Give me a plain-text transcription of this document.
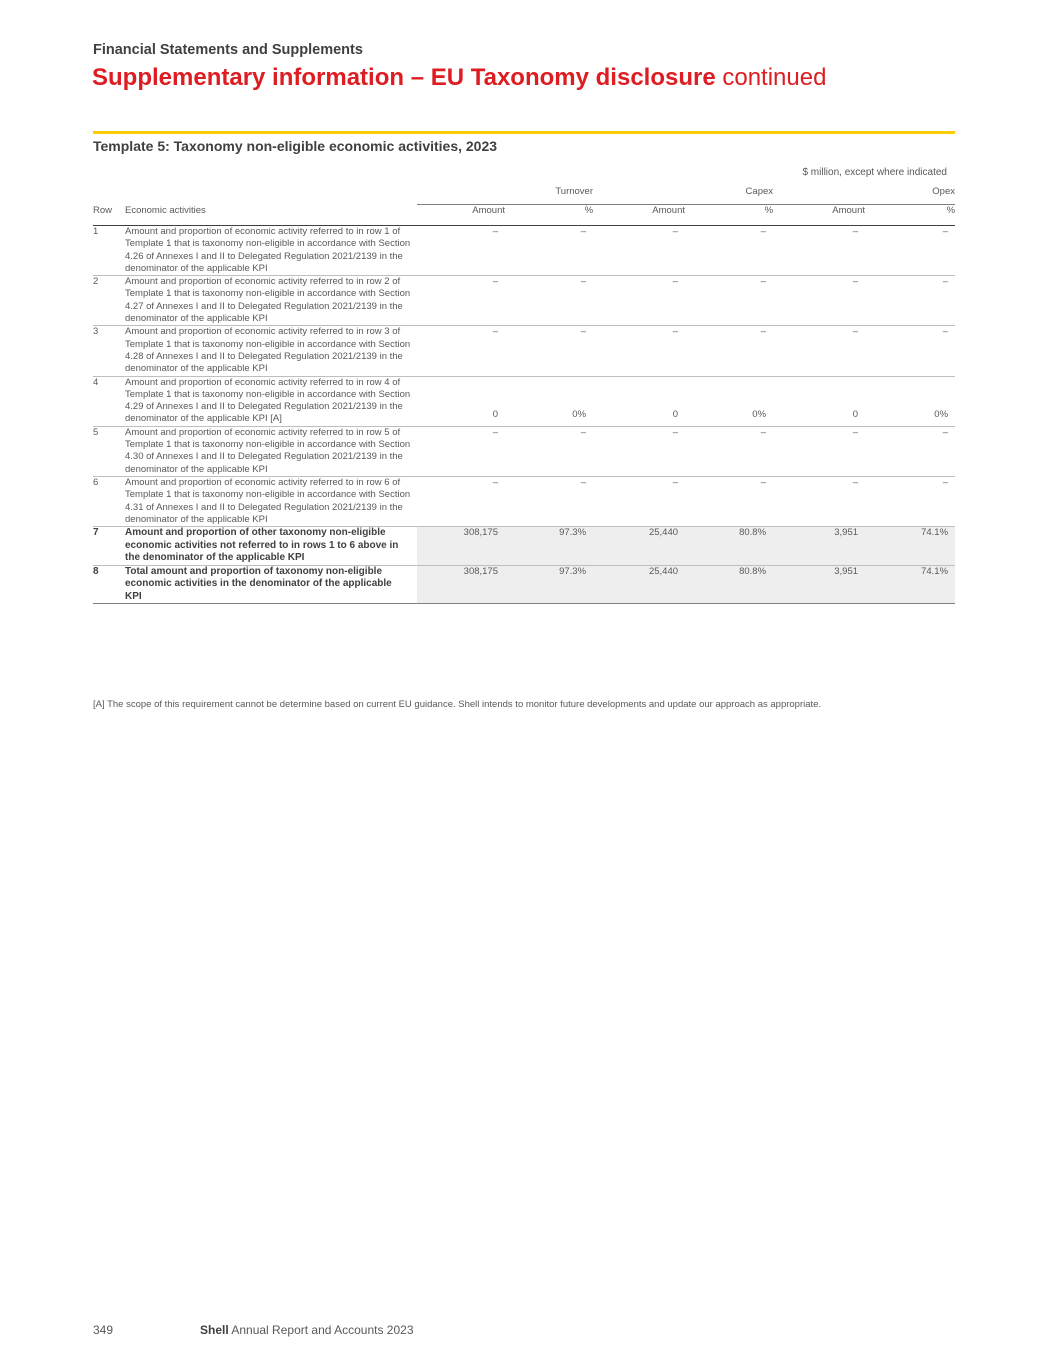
Financial Statements and Supplements
Supplementary information – EU Taxonomy disclosure continued
Template 5: Taxonomy non-eligible economic activities, 2023
$ million, except where indicated
		Turnover		Capex		Opex	
Row	Economic activities	Amount	%	Amount	%	Amount	%
1	Amount and proportion of economic activity referred to in row 1 of Template 1 that is taxonomy non-eligible in accordance with Section 4.26 of Annexes I and II to Delegated Regulation 2021/2139 in the denominator of the applicable KPI	–	–	–	–	–	–
2	Amount and proportion of economic activity referred to in row 2 of Template 1 that is taxonomy non-eligible in accordance with Section 4.27 of Annexes I and II to Delegated Regulation 2021/2139 in the denominator of the applicable KPI	–	–	–	–	–	–
3	Amount and proportion of economic activity referred to in row 3 of Template 1 that is taxonomy non-eligible in accordance with Section 4.28 of Annexes I and II to Delegated Regulation 2021/2139 in the denominator of the applicable KPI	–	–	–	–	–	–
4	Amount and proportion of economic activity referred to in row 4 of Template 1 that is taxonomy non-eligible in accordance with Section 4.29 of Annexes I and II to Delegated Regulation 2021/2139 in the denominator of the applicable KPI [A]	0	0%	0	0%	0	0%
5	Amount and proportion of economic activity referred to in row 5 of Template 1 that is taxonomy non-eligible in accordance with Section 4.30 of Annexes I and II to Delegated Regulation 2021/2139 in the denominator of the applicable KPI	–	–	–	–	–	–
6	Amount and proportion of economic activity referred to in row 6 of Template 1 that is taxonomy non-eligible in accordance with Section 4.31 of Annexes I and II to Delegated Regulation 2021/2139 in the denominator of the applicable KPI	–	–	–	–	–	–
7	Amount and proportion of other taxonomy non-eligible economic activities not referred to in rows 1 to 6 above in the denominator of the applicable KPI	308,175	97.3%	25,440	80.8%	3,951	74.1%
8	Total amount and proportion of taxonomy non-eligible economic activities in the denominator of the applicable KPI	308,175	97.3%	25,440	80.8%	3,951	74.1%
[A] The scope of this requirement cannot be determine based on current EU guidance. Shell intends to monitor future developments and update our approach as appropriate.
349	Shell Annual Report and Accounts 2023
